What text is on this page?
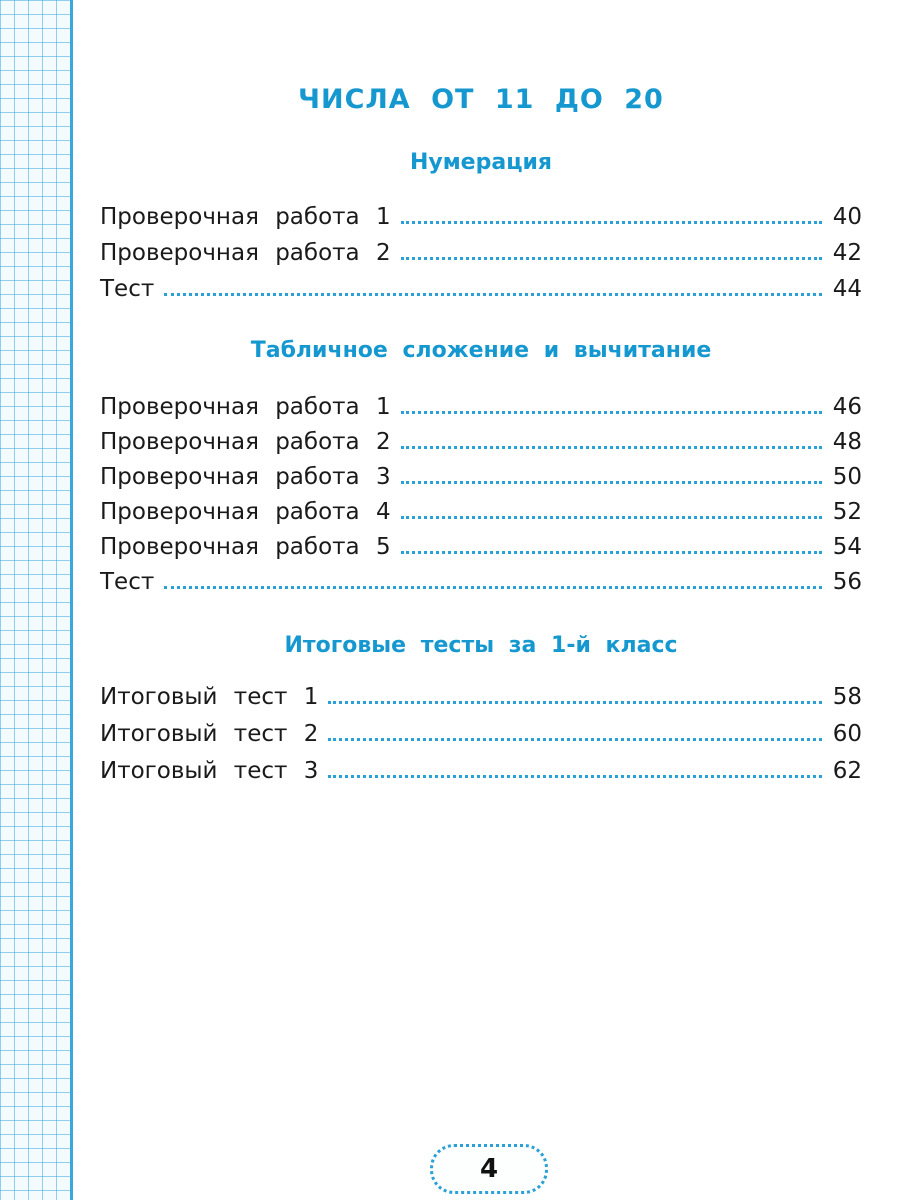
ЧИСЛА ОТ 11 ДО 20
Нумерация
Проверочная работа 1	40
Проверочная работа 2	42
Тест	44
Табличное сложение и вычитание
Проверочная работа 1	46
Проверочная работа 2	48
Проверочная работа 3	50
Проверочная работа 4	52
Проверочная работа 5	54
Тест	56
Итоговые тесты за 1-й класс
Итоговый тест 1	58
Итоговый тест 2	60
Итоговый тест 3	62
4
